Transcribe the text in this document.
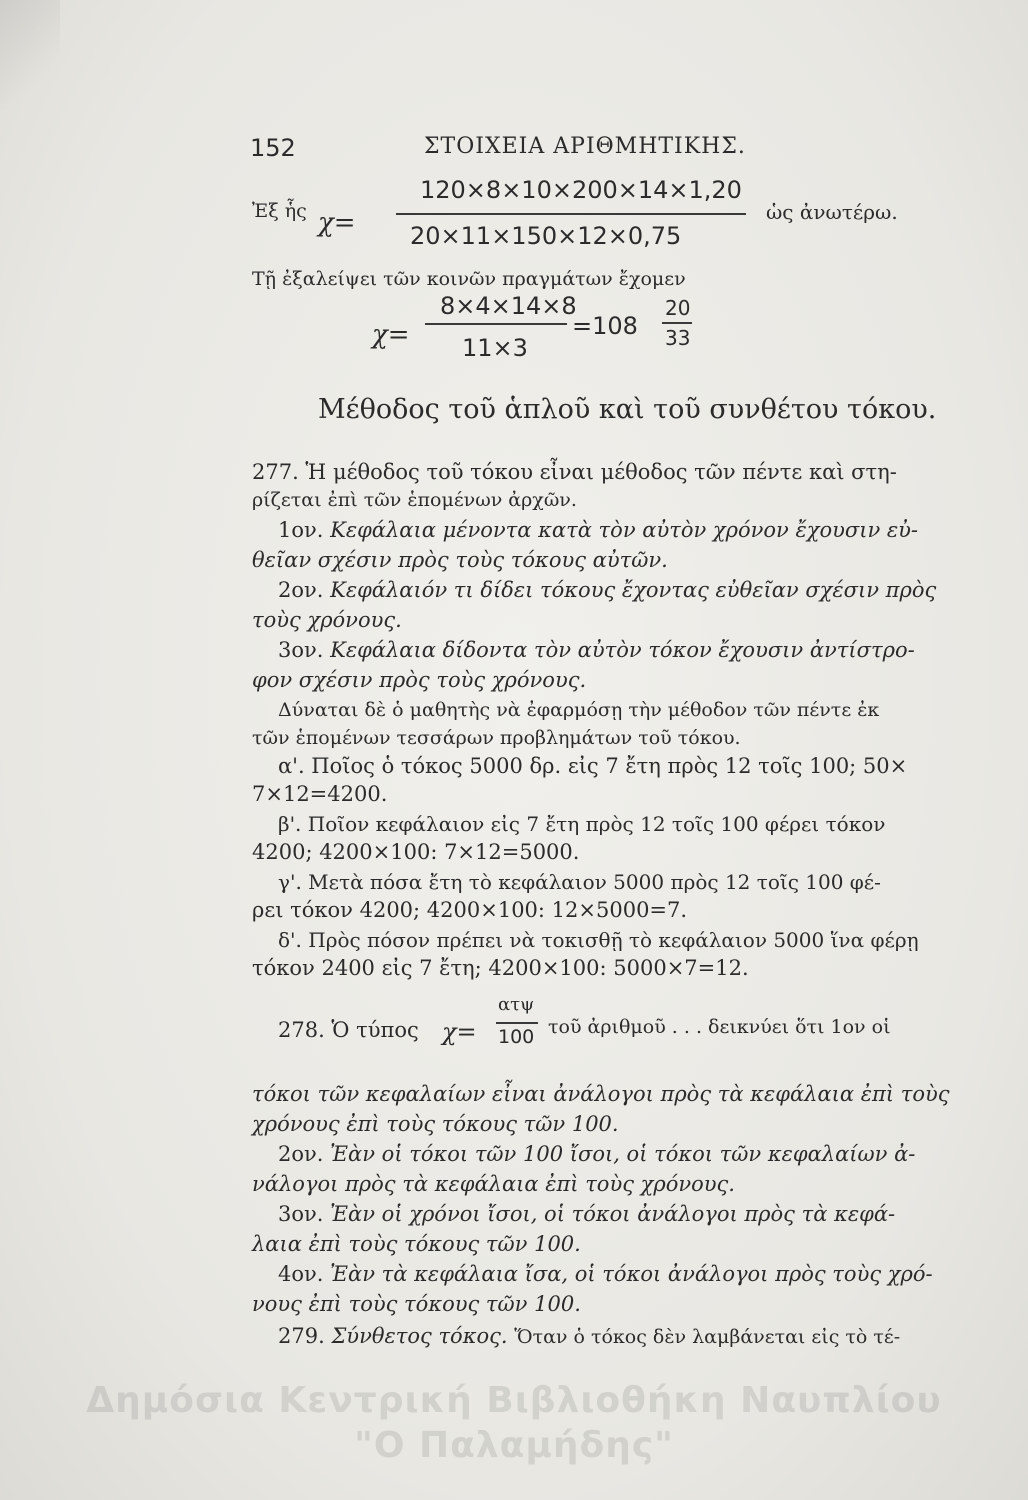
152	ΣΤΟΙΧΕΙΑ ΑΡΙΘΜΗΤΙΚΗΣ.
Ἐξ ἧς χ=
120×8×10×200×14×1,20
20×11×150×12×0,75
ὡς ἀνωτέρω.
Τῇ ἐξαλείψει τῶν κοινῶν πραγμάτων ἔχομεν
χ=
8×4×14×8
11×3
=108
20
33
Μέθοδος τοῦ ἁπλοῦ καὶ τοῦ συνθέτου τόκου.
277. Ἡ μέθοδος τοῦ τόκου εἶναι μέθοδος τῶν πέντε καὶ στη-
ρίζεται ἐπὶ τῶν ἑπομένων ἀρχῶν.
1ον. Κεφάλαια μένοντα κατὰ τὸν αὐτὸν χρόνον ἔχουσιν εὐ-
θεῖαν σχέσιν πρὸς τοὺς τόκους αὐτῶν.
2ον. Κεφάλαιόν τι δίδει τόκους ἔχοντας εὐθεῖαν σχέσιν πρὸς
τοὺς χρόνους.
3ον. Κεφάλαια δίδοντα τὸν αὐτὸν τόκον ἔχουσιν ἀντίστρο-
φον σχέσιν πρὸς τοὺς χρόνους.
Δύναται δὲ ὁ μαθητὴς νὰ ἐφαρμόσῃ τὴν μέθοδον τῶν πέντε ἐκ
τῶν ἑπομένων τεσσάρων προβλημάτων τοῦ τόκου.
α'. Ποῖος ὁ τόκος 5000 δρ. εἰς 7 ἔτη πρὸς 12 τοῖς 100; 50×
7×12=4200.
β'. Ποῖον κεφάλαιον εἰς 7 ἔτη πρὸς 12 τοῖς 100 φέρει τόκον
4200; 4200×100: 7×12=5000.
γ'. Μετὰ πόσα ἔτη τὸ κεφάλαιον 5000 πρὸς 12 τοῖς 100 φέ-
ρει τόκον 4200; 4200×100: 12×5000=7.
δ'. Πρὸς πόσον πρέπει νὰ τοκισθῇ τὸ κεφάλαιον 5000 ἵνα φέρῃ
τόκον 2400 εἰς 7 ἔτη; 4200×100: 5000×7=12.
278. Ὁ τύπος χ=
ατψ
100 τοῦ ἀριθμοῦ . . . δεικνύει ὅτι 1ον οἱ
τόκοι τῶν κεφαλαίων εἶναι ἀνάλογοι πρὸς τὰ κεφάλαια ἐπὶ τοὺς
χρόνους ἐπὶ τοὺς τόκους τῶν 100.
2ον. Ἐὰν οἱ τόκοι τῶν 100 ἴσοι, οἱ τόκοι τῶν κεφαλαίων ἀ-
νάλογοι πρὸς τὰ κεφάλαια ἐπὶ τοὺς χρόνους.
3ον. Ἐὰν οἱ χρόνοι ἴσοι, οἱ τόκοι ἀνάλογοι πρὸς τὰ κεφά-
λαια ἐπὶ τοὺς τόκους τῶν 100.
4ον. Ἐὰν τὰ κεφάλαια ἴσα, οἱ τόκοι ἀνάλογοι πρὸς τοὺς χρό-
νους ἐπὶ τοὺς τόκους τῶν 100.
279. Σύνθετος τόκος. Ὅταν ὁ τόκος δὲν λαμβάνεται εἰς τὸ τέ-
Δημόσια Κεντρική Βιβλιοθήκη Ναυπλίου
"Ο Παλαμήδης"
